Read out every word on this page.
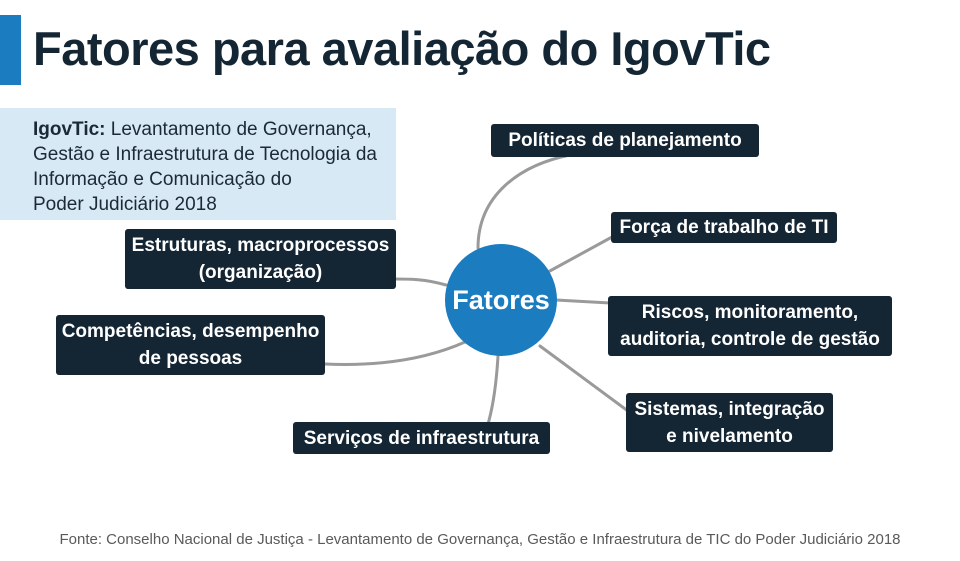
Fatores para avaliação do IgovTic
IgovTic: Levantamento de Governança,
Gestão e Infraestrutura de Tecnologia da
Informação e Comunicação do
Poder Judiciário 2018
Fatores
Políticas de planejamento
Força de trabalho de TI
Riscos, monitoramento,
auditoria, controle de gestão
Sistemas, integração
e nivelamento
Serviços de infraestrutura
Competências, desempenho
de pessoas
Estruturas, macroprocessos
(organização)
Fonte: Conselho Nacional de Justiça - Levantamento de Governança, Gestão e Infraestrutura de TIC do Poder Judiciário 2018
